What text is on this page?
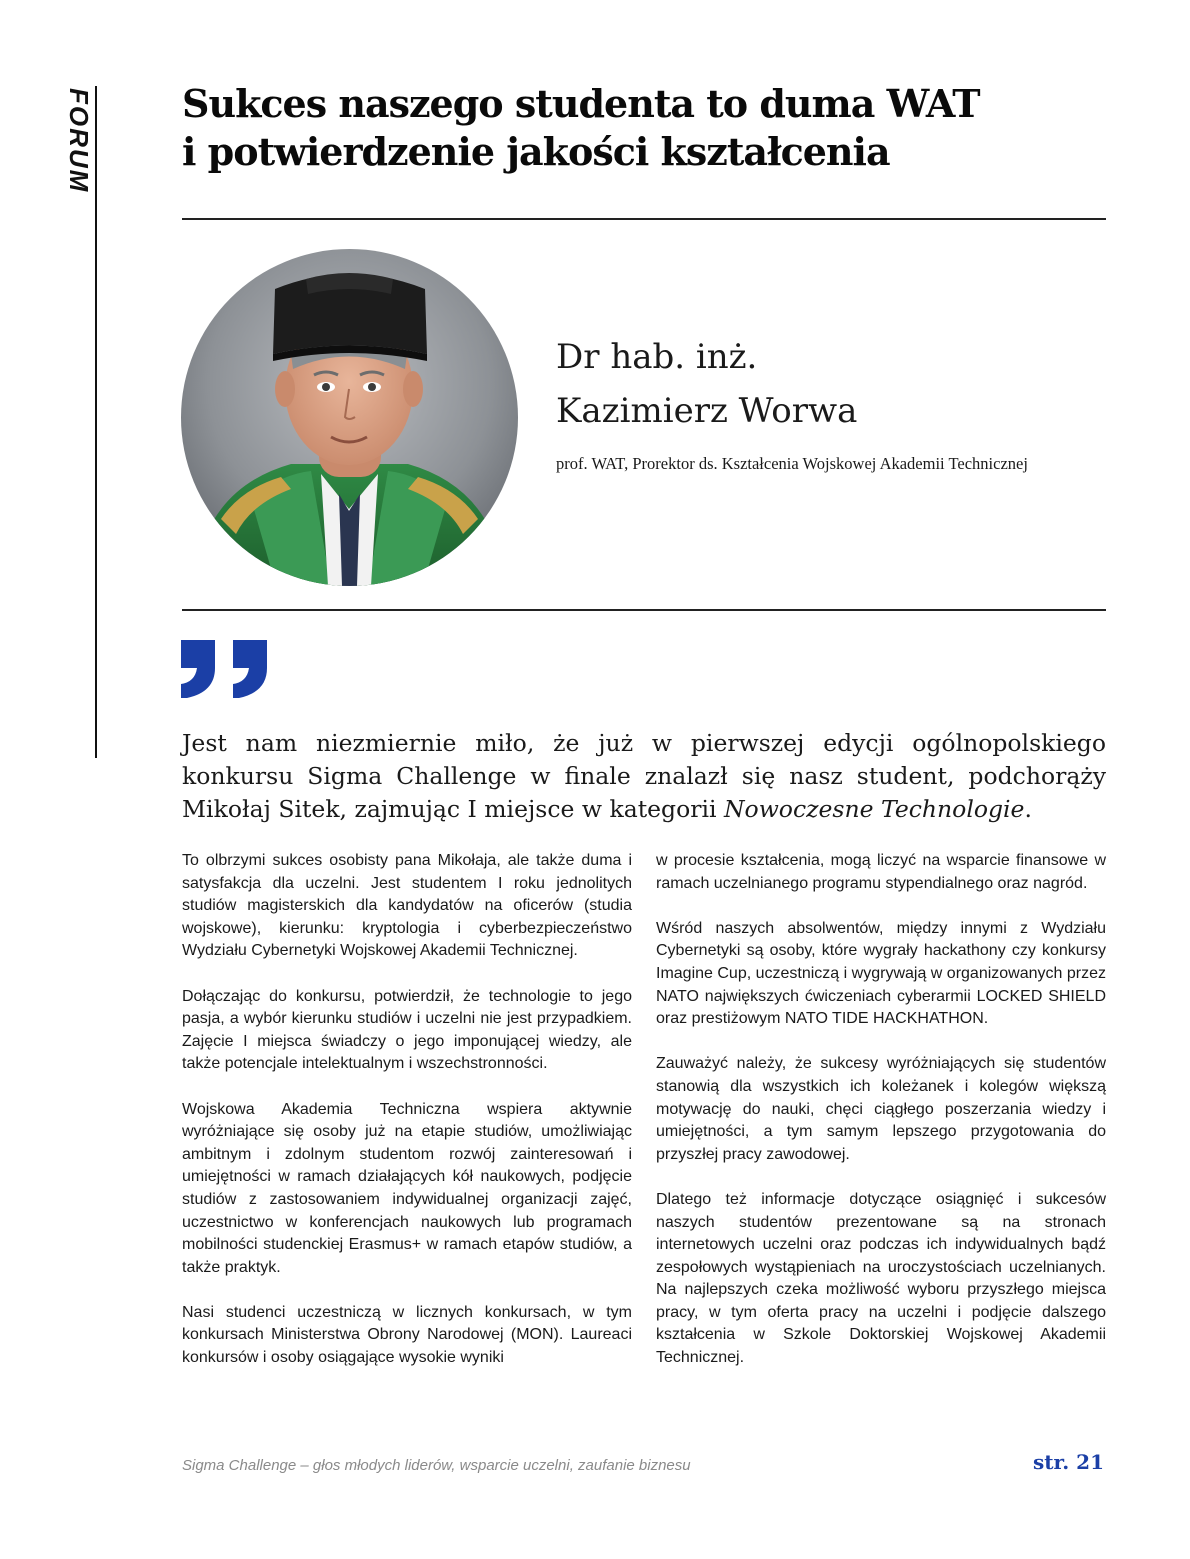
FORUM Sukces naszego studenta to duma WAT
i potwierdzenie jakości kształcenia
Dr hab. inż.
Kazimierz Worwa
prof. WAT, Prorektor ds. Kształcenia Wojskowej Akademii Technicznej

Jest nam niezmiernie miło, że już w pierwszej edycji ogólnopolskiego konkursu Sigma Challenge w finale znalazł się nasz student, podchorąży Mikołaj Sitek, zajmując I miejsce w kategorii Nowoczesne Technologie.

To olbrzymi sukces osobisty pana Mikołaja, ale także duma i satysfakcja dla uczelni. Jest studentem I roku jednolitych studiów magisterskich dla kandydatów na oficerów (studia wojskowe), kierunku: kryptologia i cyberbezpieczeństwo Wydziału Cybernetyki Wojskowej Akademii Technicznej.

Dołączając do konkursu, potwierdził, że technologie to jego pasja, a wybór kierunku studiów i uczelni nie jest przypadkiem. Zajęcie I miejsca świadczy o jego imponującej wiedzy, ale także potencjale intelektualnym i wszechstronności.

Wojskowa Akademia Techniczna wspiera aktywnie wyróżniające się osoby już na etapie studiów, umożliwiając ambitnym i zdolnym studentom rozwój zainteresowań i umiejętności w ramach działających kół naukowych, podjęcie studiów z zastosowaniem indywidualnej organizacji zajęć, uczestnictwo w konferencjach naukowych lub programach mobilności studenckiej Erasmus+ w ramach etapów studiów, a także praktyk.

Nasi studenci uczestniczą w licznych konkursach, w tym konkursach Ministerstwa Obrony Narodowej (MON). Laureaci konkursów i osoby osiągające wysokie wyniki

w procesie kształcenia, mogą liczyć na wsparcie finansowe w ramach uczelnianego programu stypendialnego oraz nagród.

Wśród naszych absolwentów, między innymi z Wydziału Cybernetyki są osoby, które wygrały hackathony czy konkursy Imagine Cup, uczestniczą i wygrywają w organizowanych przez NATO największych ćwiczeniach cyberarmii LOCKED SHIELD oraz prestiżowym NATO TIDE HACKHATHON.

Zauważyć należy, że sukcesy wyróżniających się studentów stanowią dla wszystkich ich koleżanek i kolegów większą motywację do nauki, chęci ciągłego poszerzania wiedzy i umiejętności, a tym samym lepszego przygotowania do przyszłej pracy zawodowej.

Dlatego też informacje dotyczące osiągnięć i sukcesów naszych studentów prezentowane są na stronach internetowych uczelni oraz podczas ich indywidualnych bądź zespołowych wystąpieniach na uroczystościach uczelnianych. Na najlepszych czeka możliwość wyboru przyszłego miejsca pracy, w tym oferta pracy na uczelni i podjęcie dalszego kształcenia w Szkole Doktorskiej Wojskowej Akademii Technicznej.

Sigma Challenge – głos młodych liderów, wsparcie uczelni, zaufanie biznesu	str. 21
